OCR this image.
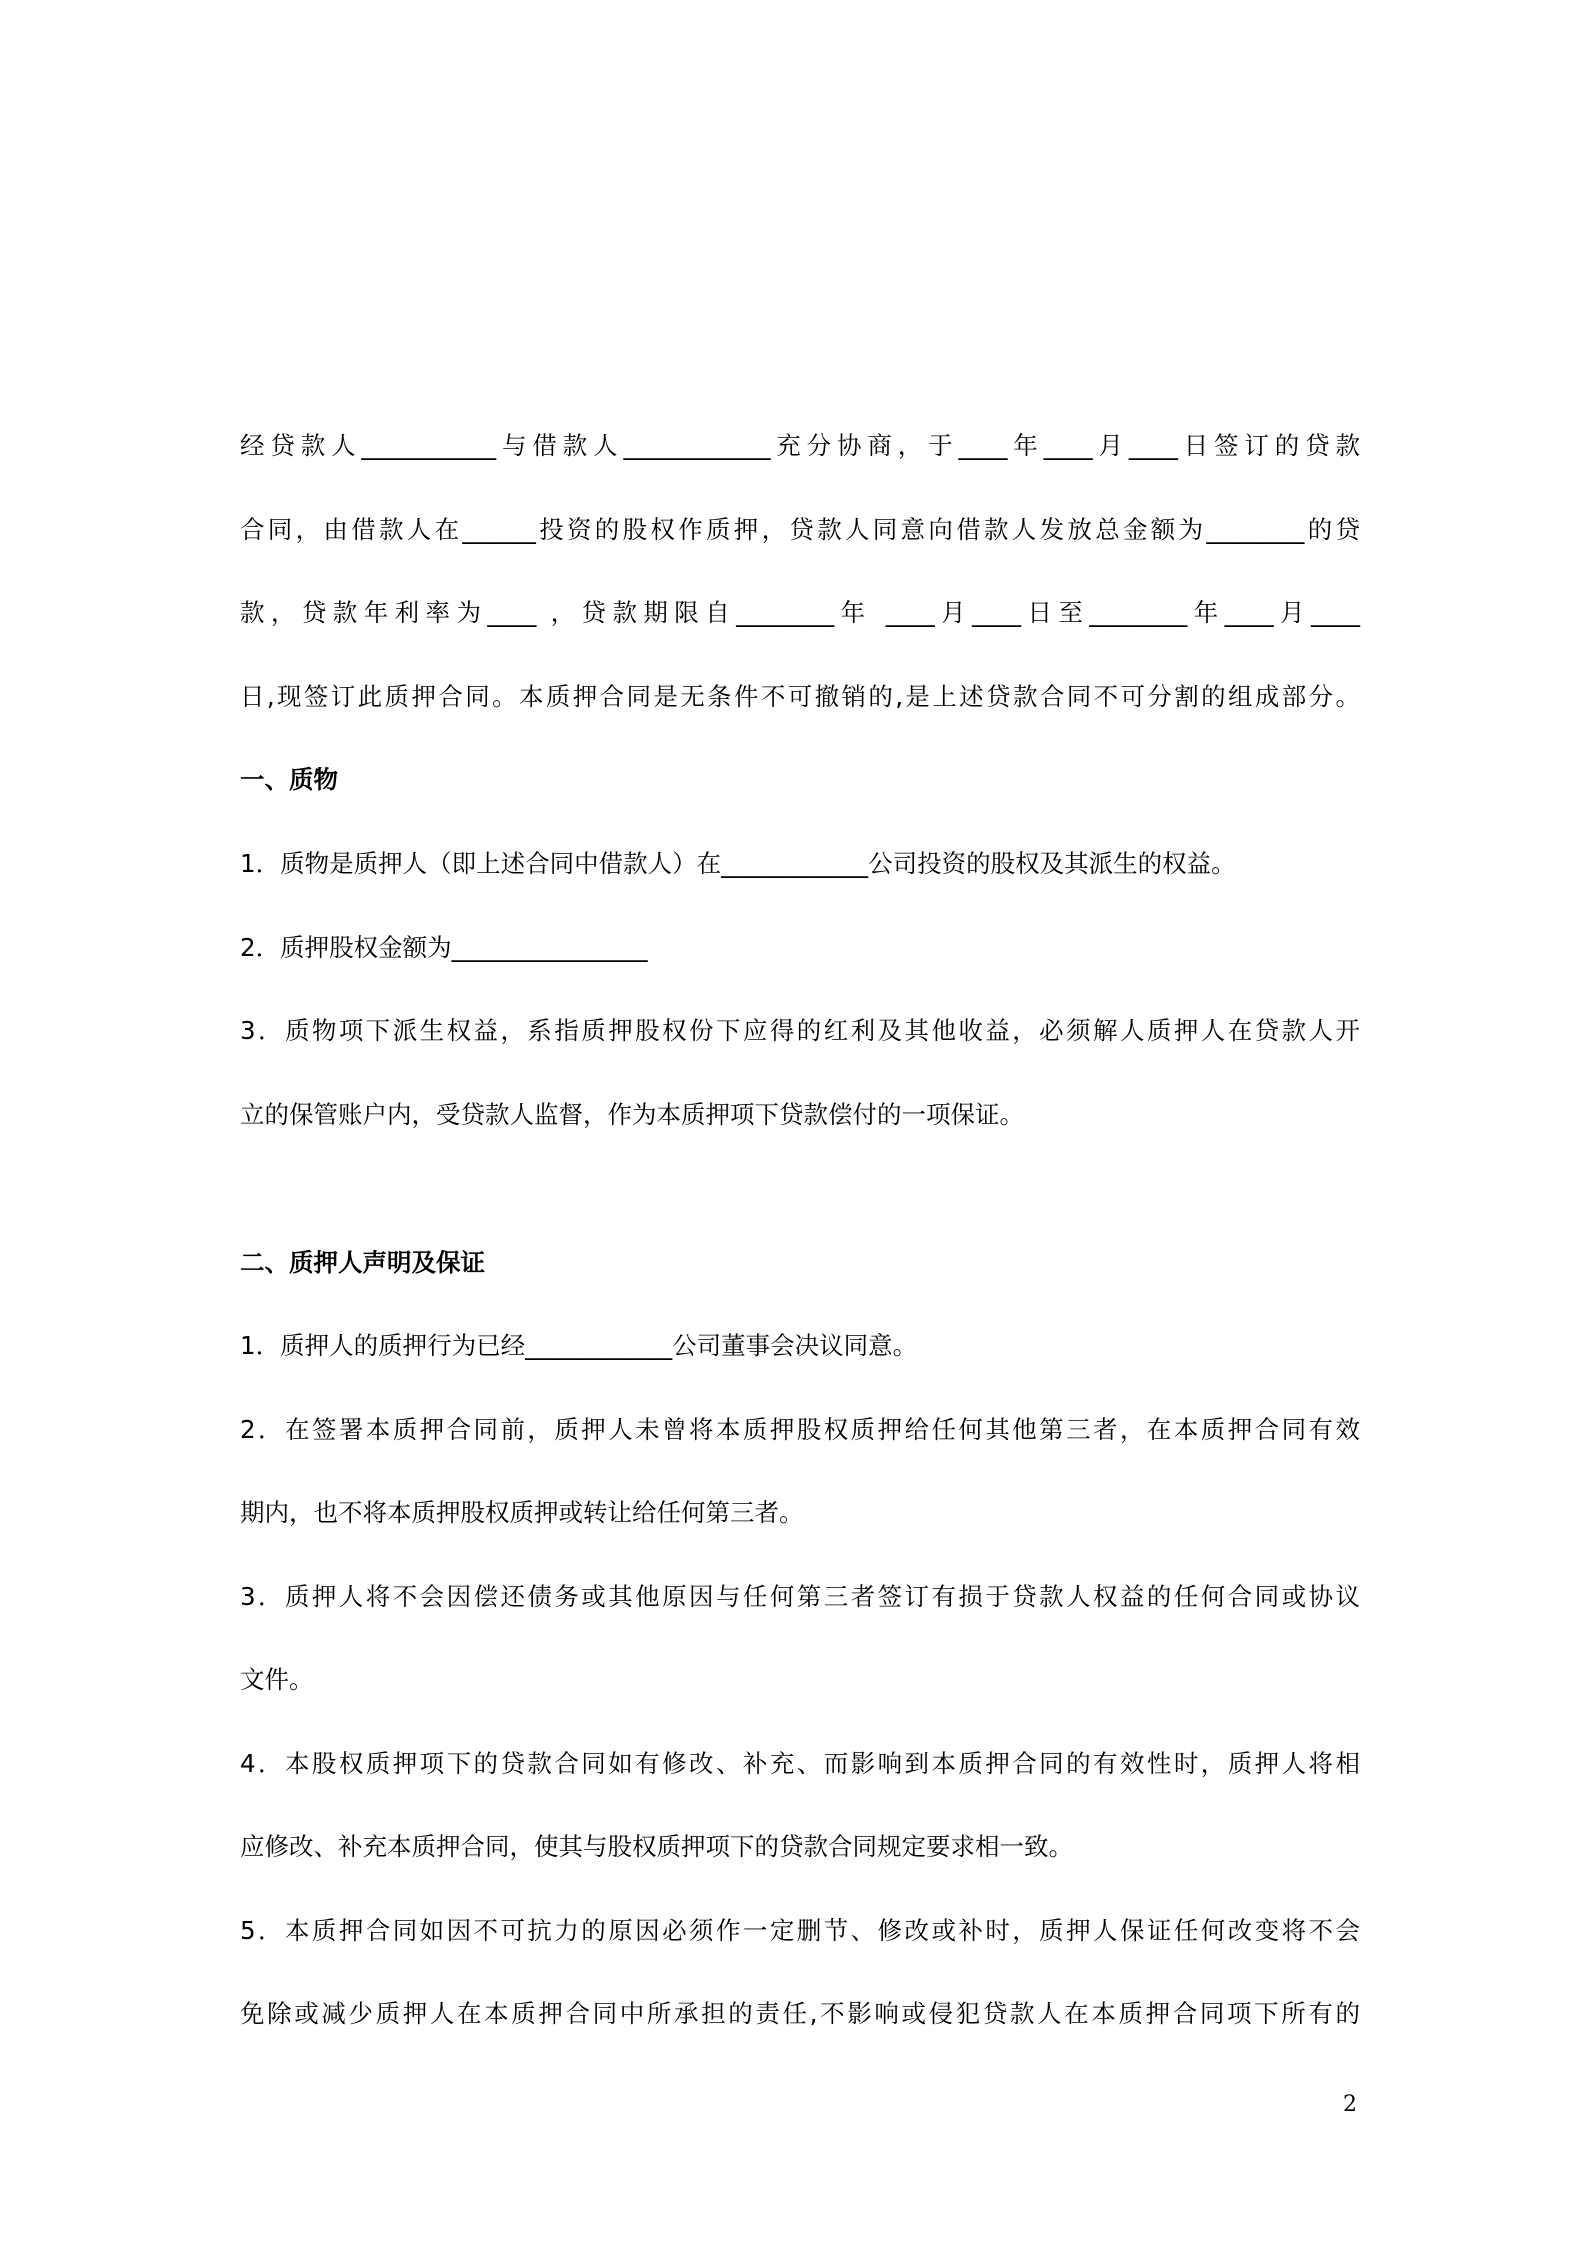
经贷款人___________与借款人____________充分协商，于____年____月____日签订的贷款
合同，由借款人在______投资的股权作质押，贷款人同意向借款人发放总金额为________的贷
款，贷款年利率为____ ，贷款期限自________年 ____月____日至________年____月____
日,现签订此质押合同。本质押合同是无条件不可撤销的,是上述贷款合同不可分割的组成部分。
一、质物
1．质物是质押人（即上述合同中借款人）在____________公司投资的股权及其派生的权益。
2．质押股权金额为________________
3．质物项下派生权益，系指质押股权份下应得的红利及其他收益，必须解人质押人在贷款人开
立的保管账户内，受贷款人监督，作为本质押项下贷款偿付的一项保证。
二、质押人声明及保证
1．质押人的质押行为已经____________公司董事会决议同意。
2．在签署本质押合同前，质押人未曾将本质押股权质押给任何其他第三者，在本质押合同有效
期内，也不将本质押股权质押或转让给任何第三者。
3．质押人将不会因偿还债务或其他原因与任何第三者签订有损于贷款人权益的任何合同或协议
文件。
4．本股权质押项下的贷款合同如有修改、补充、而影响到本质押合同的有效性时，质押人将相
应修改、补充本质押合同，使其与股权质押项下的贷款合同规定要求相一致。
5．本质押合同如因不可抗力的原因必须作一定删节、修改或补时，质押人保证任何改变将不会
免除或减少质押人在本质押合同中所承担的责任,不影响或侵犯贷款人在本质押合同项下所有的
2
